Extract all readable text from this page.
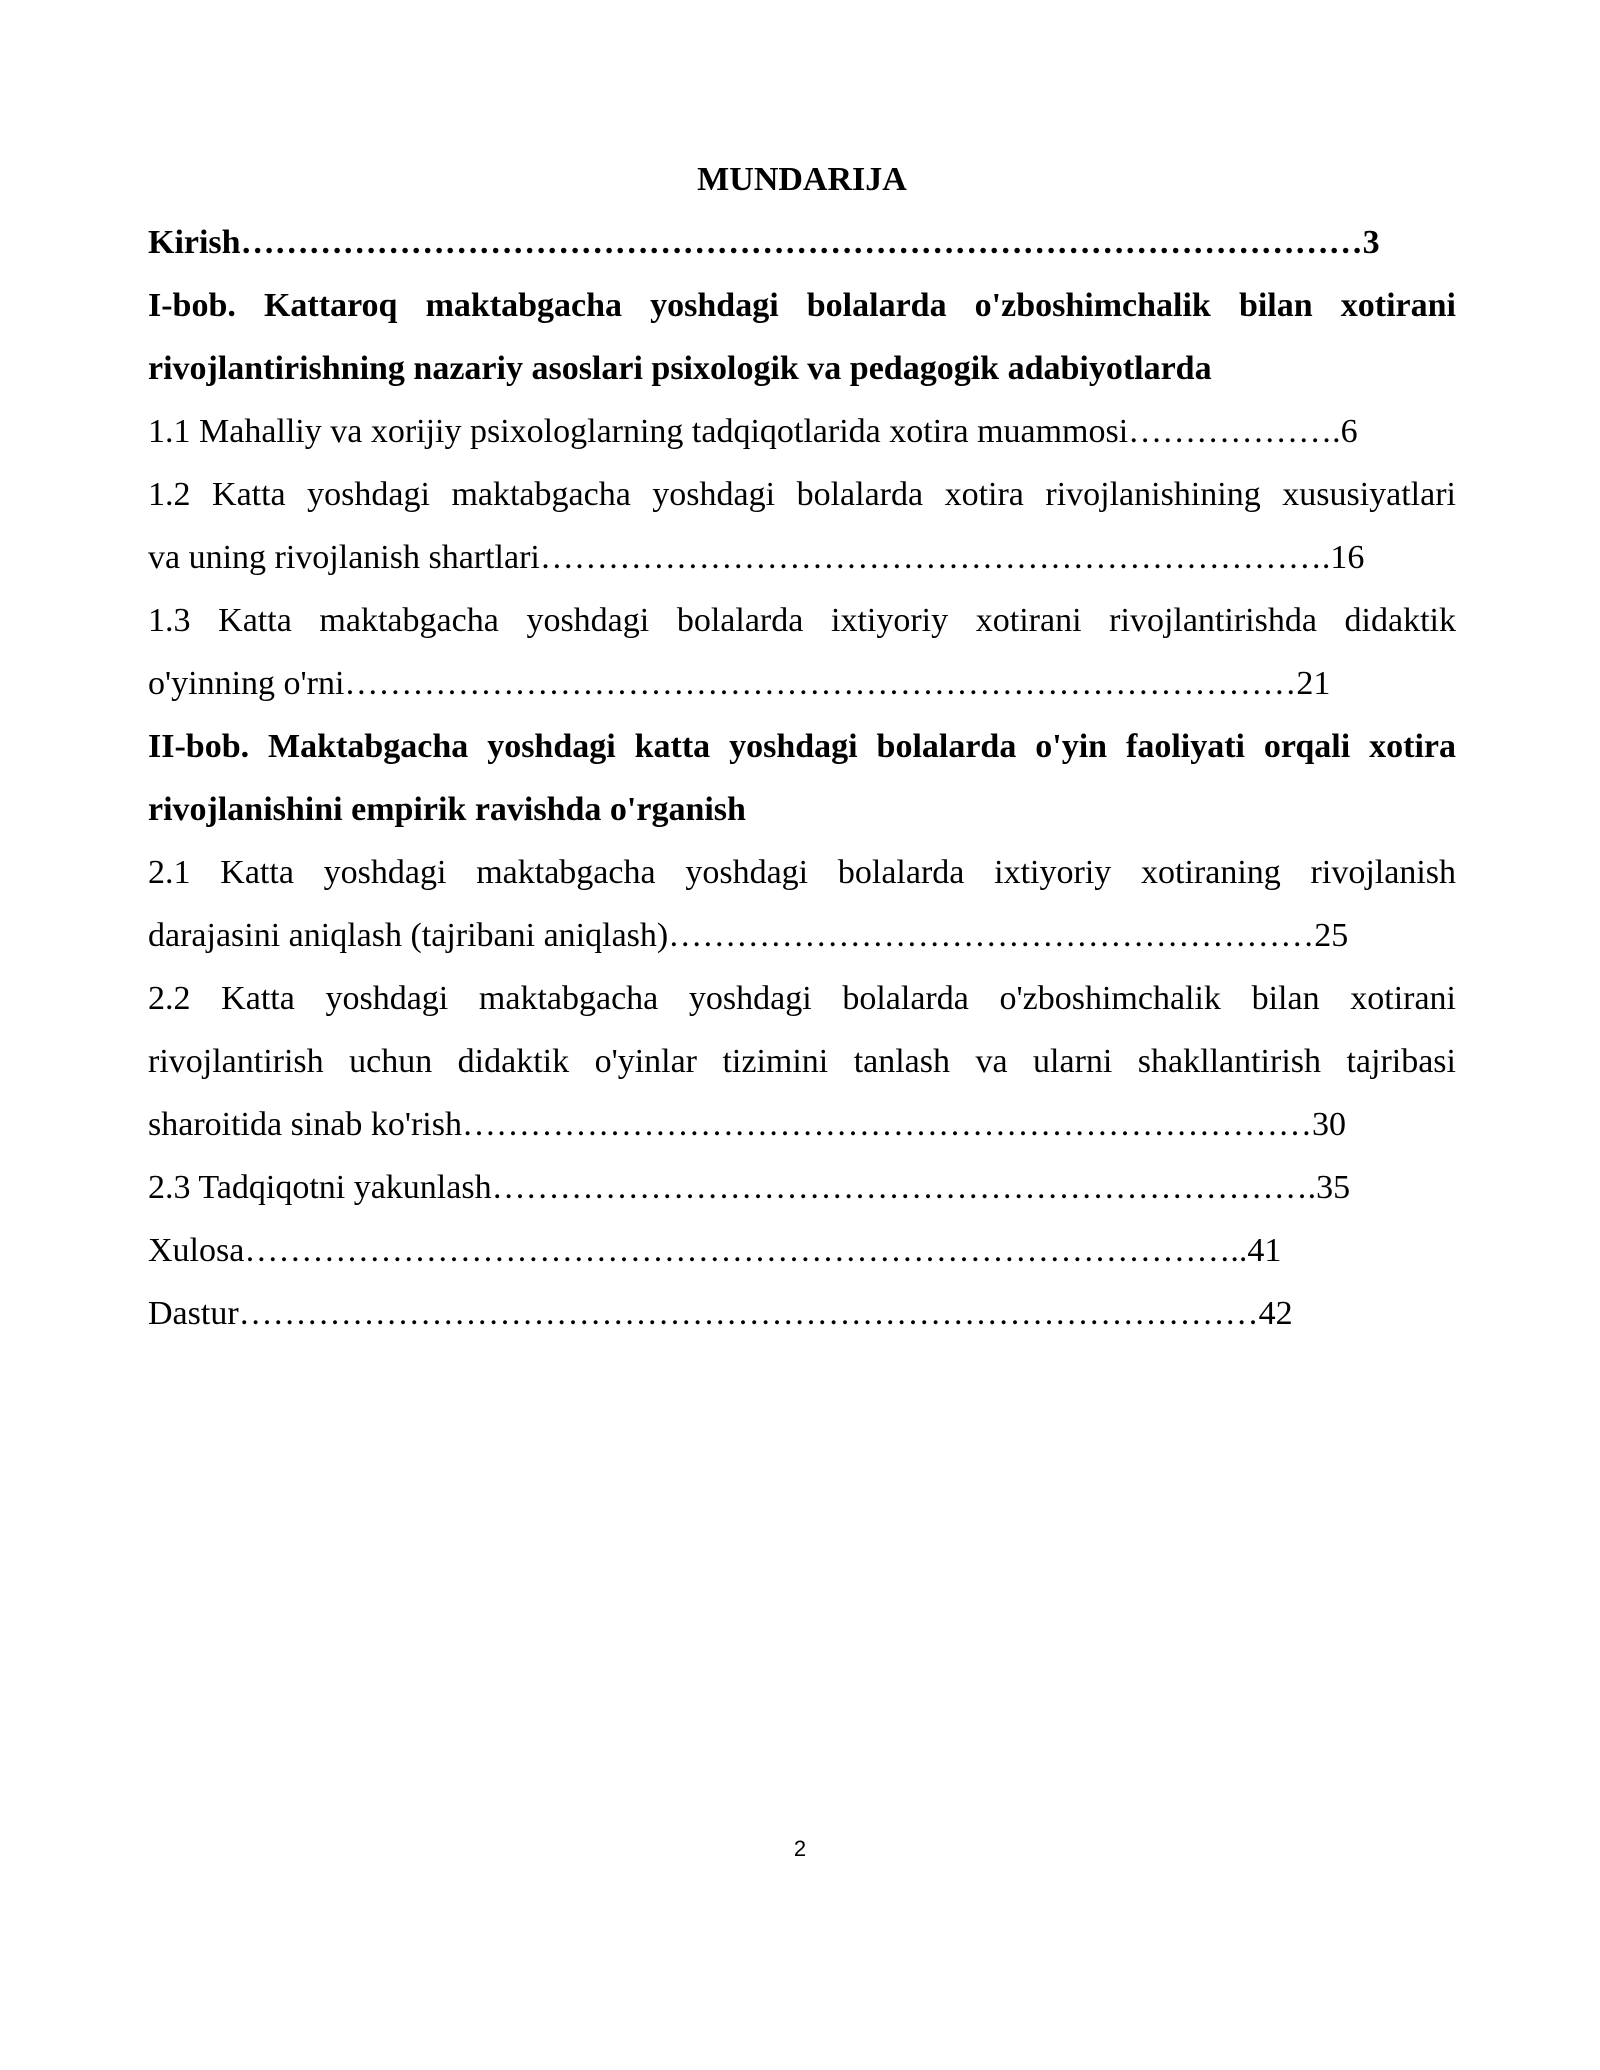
MUNDARIJA

Kirish………………………………………………………………………………………3

I-bob. Kattaroq maktabgacha yoshdagi bolalarda o'zboshimchalik bilan xotirani rivojlantirishning nazariy asoslari psixologik va pedagogik adabiyotlarda

1.1 Mahalliy va xorijiy psixologlarning tadqiqotlarida xotira muammosi……………….6

1.2 Katta yoshdagi maktabgacha yoshdagi bolalarda xotira rivojlanishining xususiyatlari

va uning rivojlanish shartlari…………………………………………………………….16

1.3 Katta maktabgacha yoshdagi bolalarda ixtiyoriy xotirani rivojlantirishda didaktik

o'yinning o'rni…………………………………………………………………………21

II-bob. Maktabgacha yoshdagi katta yoshdagi bolalarda o'yin faoliyati orqali xotira rivojlanishini empirik ravishda o'rganish

2.1 Katta yoshdagi maktabgacha yoshdagi bolalarda ixtiyoriy xotiraning rivojlanish

darajasini aniqlash (tajribani aniqlash)…………………………………………………25

2.2 Katta yoshdagi maktabgacha yoshdagi bolalarda o'zboshimchalik bilan xotirani rivojlantirish uchun didaktik o'yinlar tizimini tanlash va ularni shakllantirish tajribasi

sharoitida sinab ko'rish…………………………………………………………………30

2.3 Tadqiqotni yakunlash……………………………………………………………….35

Xulosa……………………………………………………………………………..41

Dastur………………………………………………………………………………42

2
